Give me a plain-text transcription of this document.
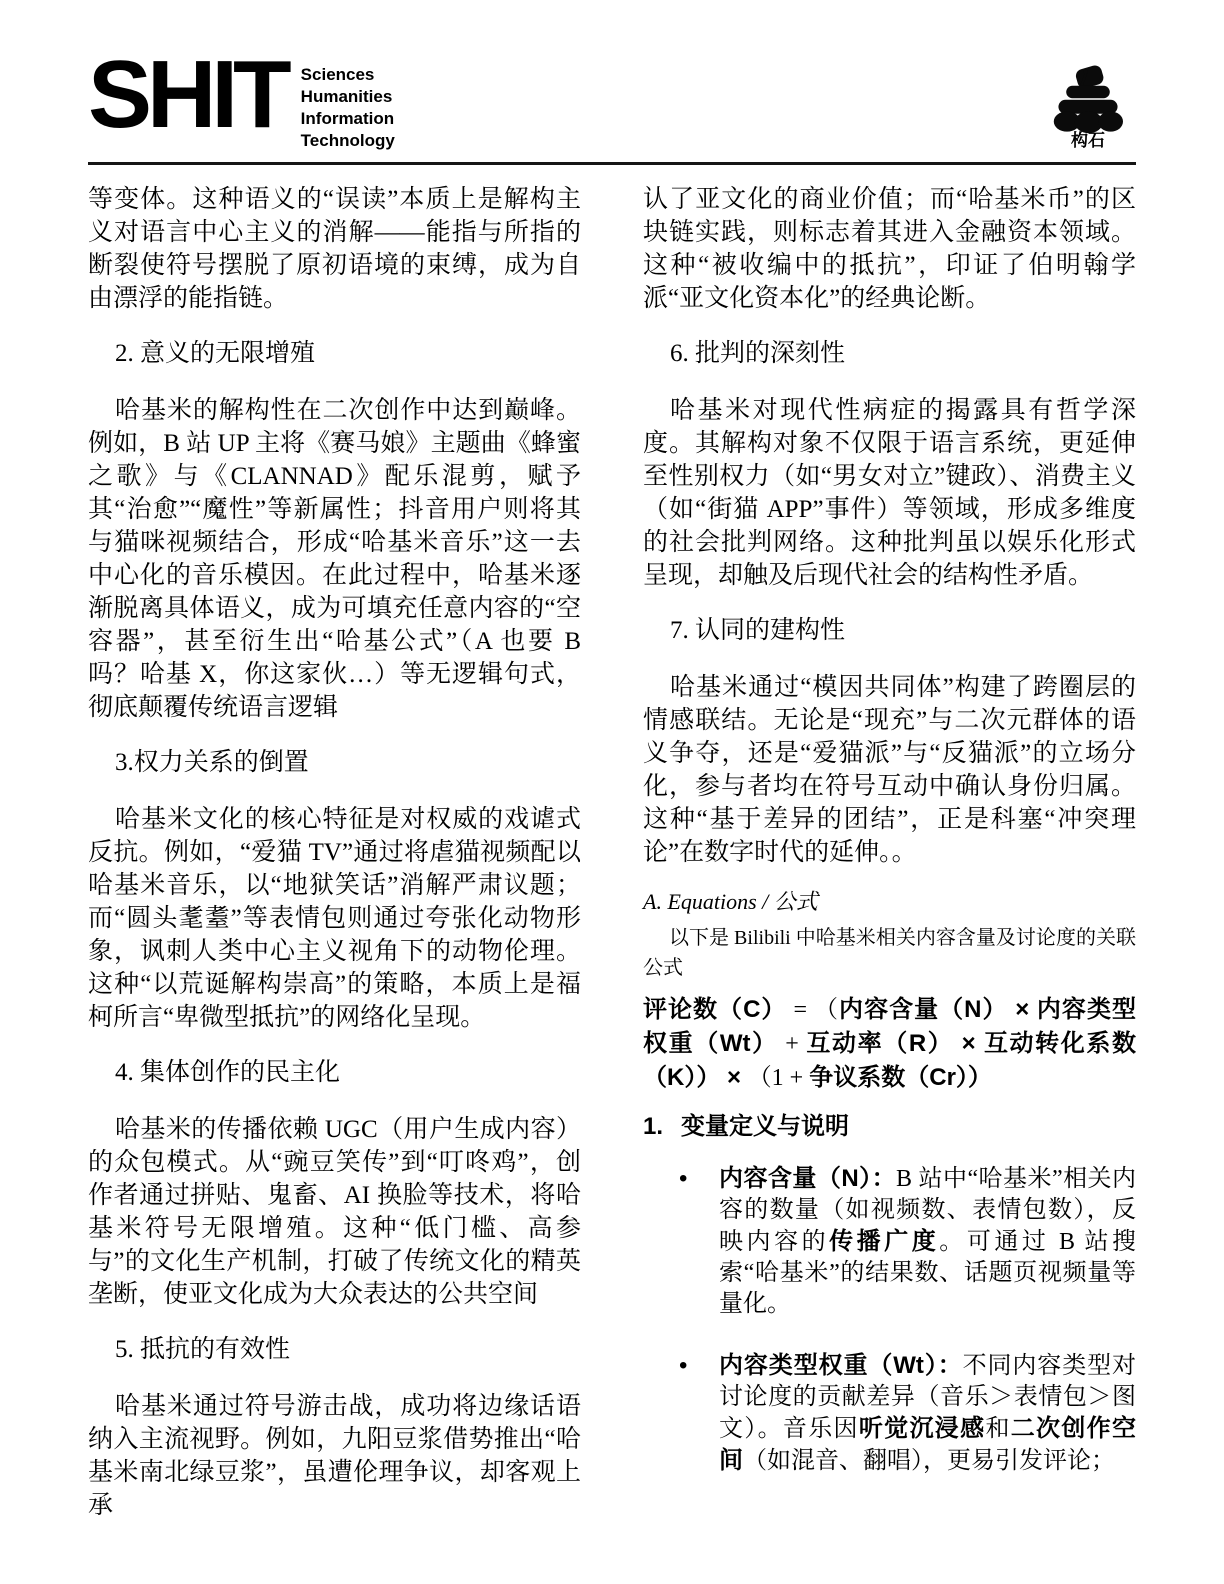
SHIT Sciences
Humanities
Information
Technology	构石

等变体。这种语义的“误读”本质上是解构主义对语言中心主义的消解——能指与所指的断裂使符号摆脱了原初语境的束缚，成为自由漂浮的能指链。

2. 意义的无限增殖

哈基米的解构性在二次创作中达到巅峰。例如，B 站 UP 主将《赛马娘》主题曲《蜂蜜之歌》与《CLANNAD》配乐混剪，赋予其“治愈”“魔性”等新属性；抖音用户则将其与猫咪视频结合，形成“哈基米音乐”这一去中心化的音乐模因。在此过程中，哈基米逐渐脱离具体语义，成为可填充任意内容的“空容器”，甚至衍生出“哈基公式”（A 也要 B 吗？哈基 X，你这家伙…）等无逻辑句式，彻底颠覆传统语言逻辑

3.权力关系的倒置

哈基米文化的核心特征是对权威的戏谑式反抗。例如，“爱猫 TV”通过将虐猫视频配以哈基米音乐，以“地狱笑话”消解严肃议题；而“圆头耄耋”等表情包则通过夸张化动物形象，讽刺人类中心主义视角下的动物伦理。这种“以荒诞解构崇高”的策略，本质上是福柯所言“卑微型抵抗”的网络化呈现。

4. 集体创作的民主化

哈基米的传播依赖 UGC（用户生成内容）的众包模式。从“豌豆笑传”到“叮咚鸡”，创作者通过拼贴、鬼畜、AI 换脸等技术，将哈基米符号无限增殖。这种“低门槛、高参与”的文化生产机制，打破了传统文化的精英垄断，使亚文化成为大众表达的公共空间

5. 抵抗的有效性

哈基米通过符号游击战，成功将边缘话语纳入主流视野。例如，九阳豆浆借势推出“哈基米南北绿豆浆”，虽遭伦理争议，却客观上承

认了亚文化的商业价值；而“哈基米币”的区块链实践，则标志着其进入金融资本领域。这种“被收编中的抵抗”，印证了伯明翰学派“亚文化资本化”的经典论断。

6. 批判的深刻性

哈基米对现代性病症的揭露具有哲学深度。其解构对象不仅限于语言系统，更延伸至性别权力（如“男女对立”键政）、消费主义（如“街猫 APP”事件）等领域，形成多维度的社会批判网络。这种批判虽以娱乐化形式呈现，却触及后现代社会的结构性矛盾。

7. 认同的建构性

哈基米通过“模因共同体”构建了跨圈层的情感联结。无论是“现充”与二次元群体的语义争夺，还是“爱猫派”与“反猫派”的立场分化，参与者均在符号互动中确认身份归属。这种“基于差异的团结”，正是科塞“冲突理论”在数字时代的延伸。。

A. Equations / 公式

以下是 Bilibili 中哈基米相关内容含量及讨论度的关联公式

评论数（C） = （内容含量（N） × 内容类型权重（Wt） + 互动率（R） × 互动转化系数（K）） × （1 + 争议系数（Cr））

1. 变量定义与说明
•	内容含量（N）：B 站中“哈基米”相关内容的数量（如视频数、表情包数），反映内容的传播广度。可通过 B 站搜索“哈基米”的结果数、话题页视频量等量化。
•	内容类型权重（Wt）：不同内容类型对讨论度的贡献差异（音乐＞表情包＞图文）。音乐因听觉沉浸感和二次创作空间（如混音、翻唱），更易引发评论；
